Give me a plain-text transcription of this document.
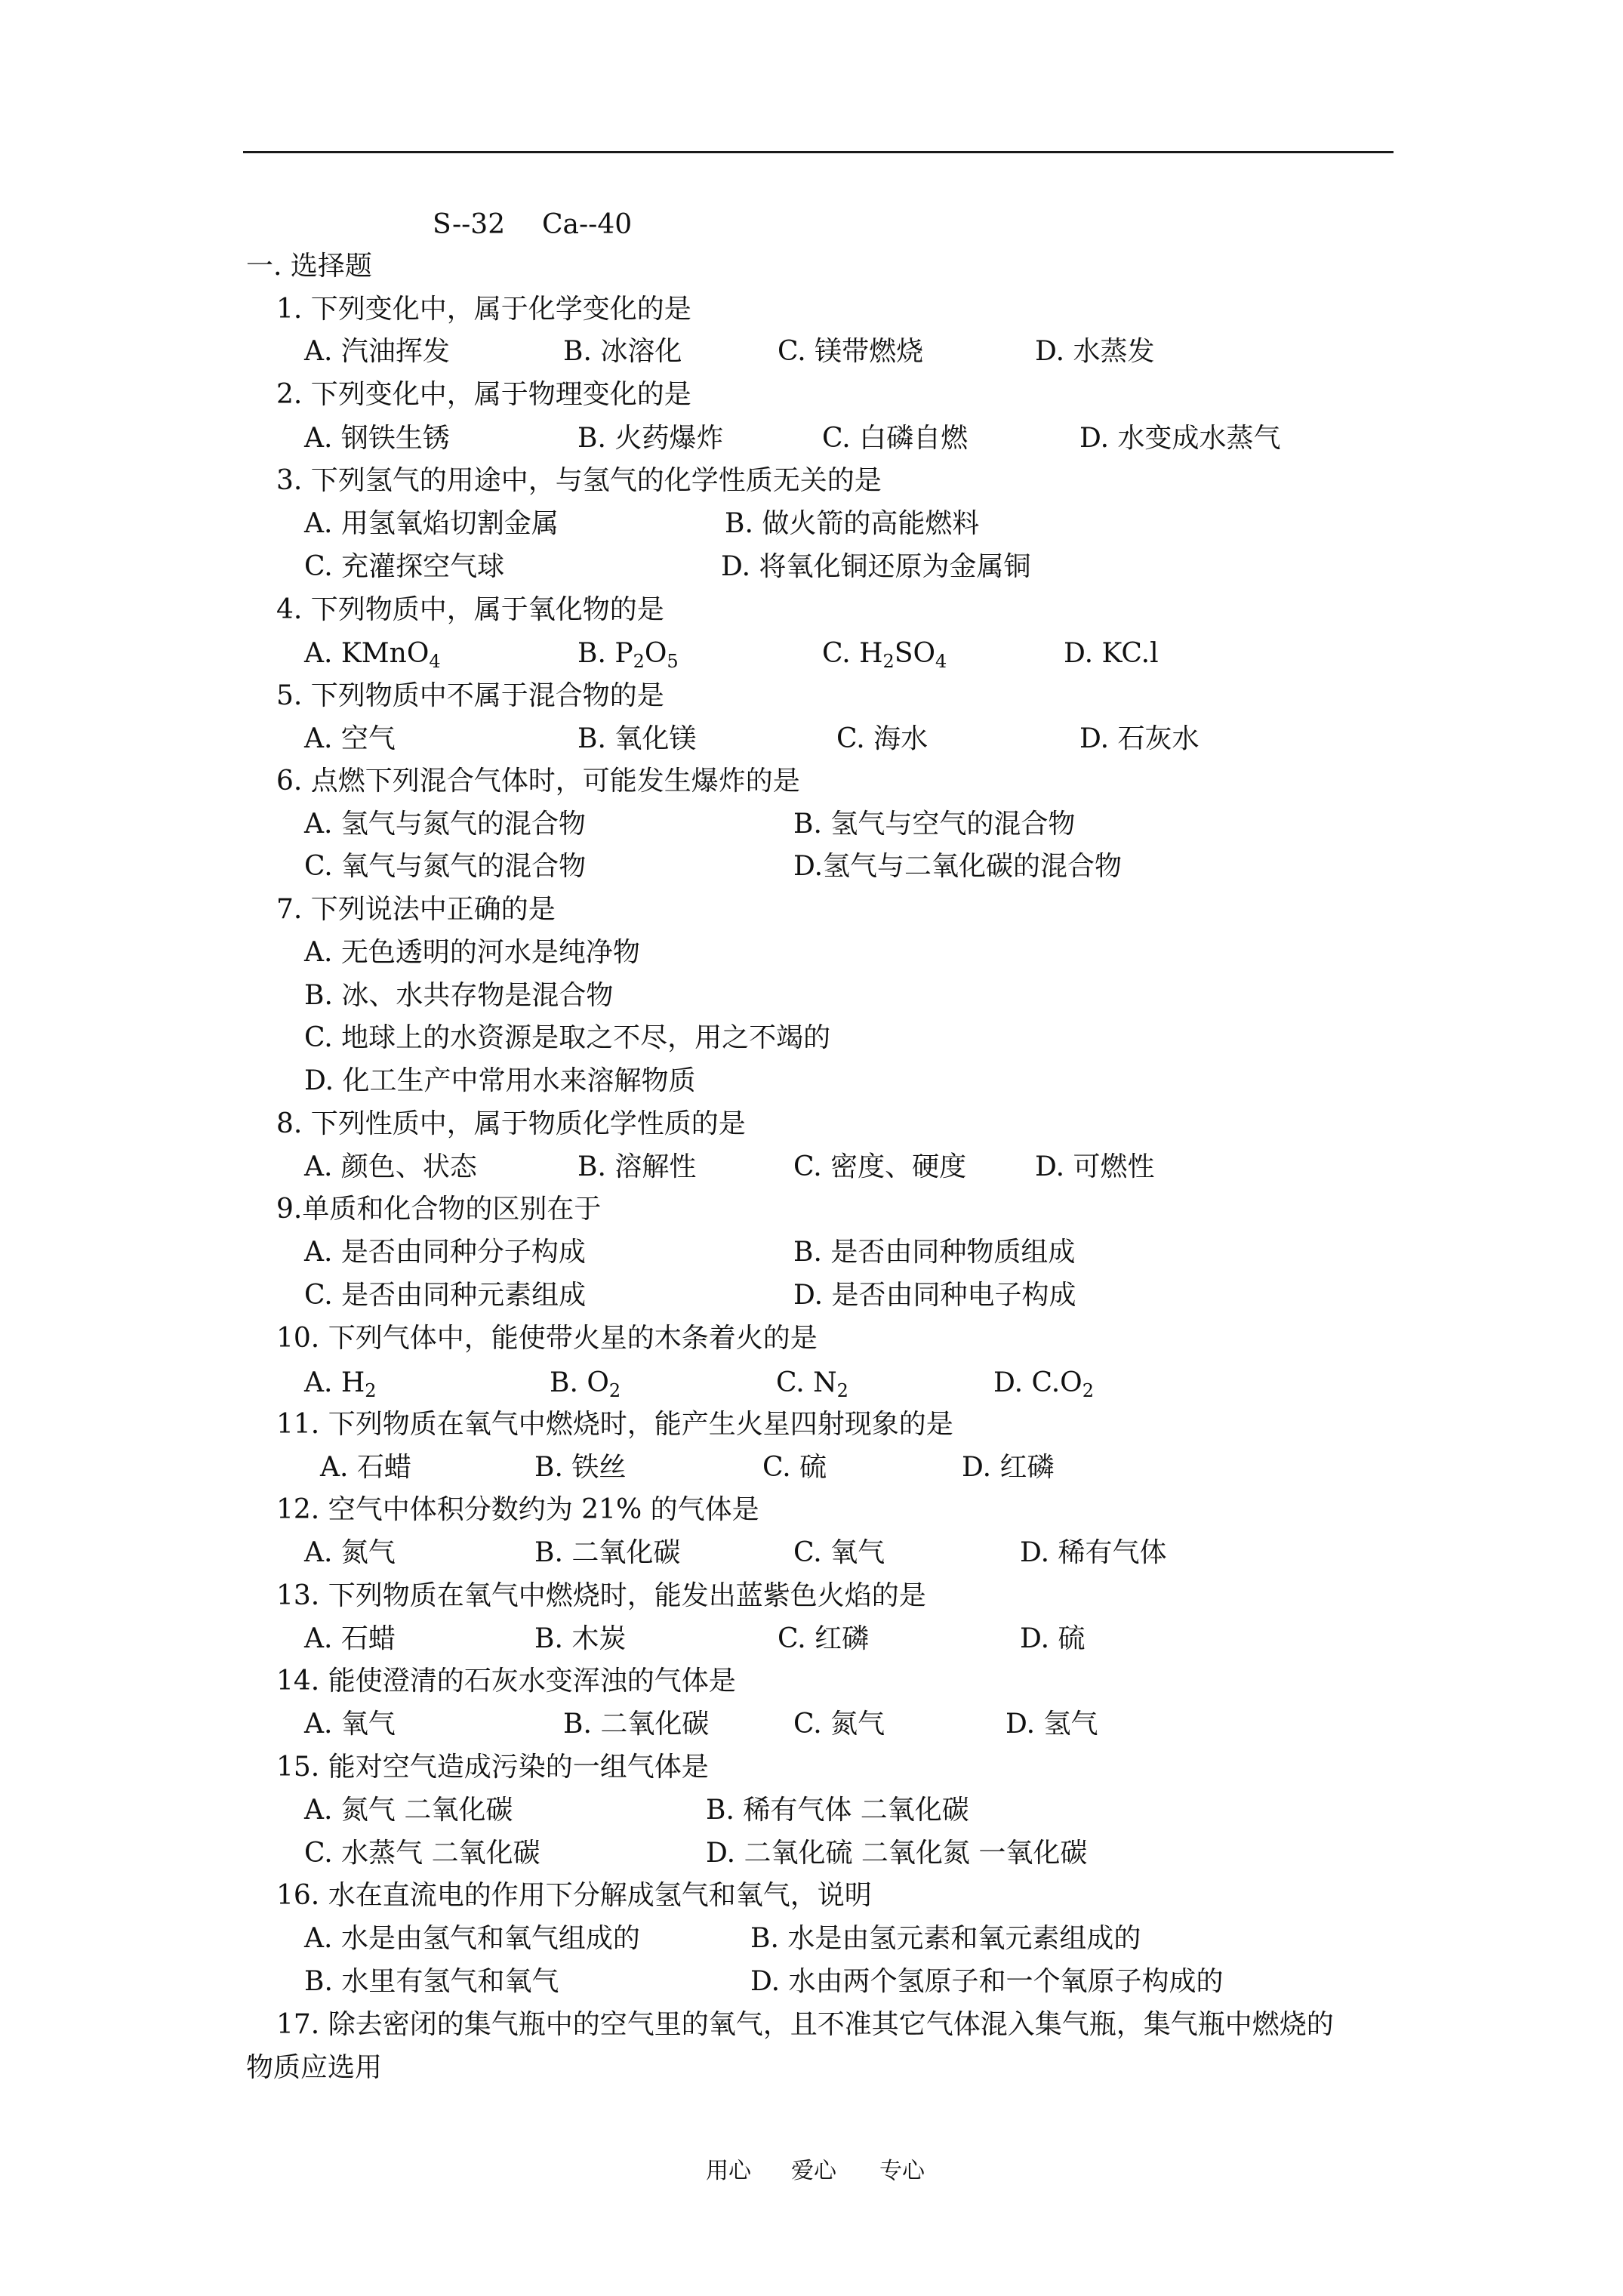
S--32 Ca--40
一. 选择题
1. 下列变化中，属于化学变化的是
A. 汽油挥发	B. 冰溶化	C. 镁带燃烧	D. 水蒸发
2. 下列变化中，属于物理变化的是
A. 钢铁生锈	B. 火药爆炸	C. 白磷自燃	D. 水变成水蒸气
3. 下列氢气的用途中，与氢气的化学性质无关的是
A. 用氢氧焰切割金属	B. 做火箭的高能燃料
C. 充灌探空气球	D. 将氧化铜还原为金属铜
4. 下列物质中，属于氧化物的是
A. KMnO$_4$	B. $P_2O_5$	C. $H_2SO_4$	D. KC.l
5. 下列物质中不属于混合物的是
A. 空气	B. 氧化镁	C. 海水	D. 石灰水
6. 点燃下列混合气体时，可能发生爆炸的是
A. 氢气与氮气的混合物	B. 氢气与空气的混合物
C. 氧气与氮气的混合物	D.氢气与二氧化碳的混合物
7. 下列说法中正确的是
A. 无色透明的河水是纯净物
B. 冰、水共存物是混合物
C. 地球上的水资源是取之不尽，用之不竭的
D. 化工生产中常用水来溶解物质
8. 下列性质中，属于物质化学性质的是
A. 颜色、状态	B. 溶解性	C. 密度、硬度	D. 可燃性
9.单质和化合物的区别在于
A. 是否由同种分子构成	B. 是否由同种物质组成
C. 是否由同种元素组成	D. 是否由同种电子构成
10. 下列气体中，能使带火星的木条着火的是
A. $H_2$	B. $O_2$	C. $N_2$	D. $C.O_2$
11. 下列物质在氧气中燃烧时，能产生火星四射现象的是
A. 石蜡	B. 铁丝	C. 硫	D. 红磷
12. 空气中体积分数约为 21% 的气体是
A. 氮气	B. 二氧化碳	C. 氧气	D. 稀有气体
13. 下列物质在氧气中燃烧时，能发出蓝紫色火焰的是
A. 石蜡	B. 木炭	C. 红磷	D. 硫
14. 能使澄清的石灰水变浑浊的气体是
A. 氧气	B. 二氧化碳	C. 氮气	D. 氢气
15. 能对空气造成污染的一组气体是
A. 氮气 二氧化碳	B. 稀有气体 二氧化碳
C. 水蒸气 二氧化碳	D. 二氧化硫 二氧化氮 一氧化碳
16. 水在直流电的作用下分解成氢气和氧气，说明
A. 水是由氢气和氧气组成的	B. 水是由氢元素和氧元素组成的
B. 水里有氢气和氧气	D. 水由两个氢原子和一个氧原子构成的
17. 除去密闭的集气瓶中的空气里的氧气，且不准其它气体混入集气瓶，集气瓶中燃烧的
物质应选用
用心 爱心 专心
